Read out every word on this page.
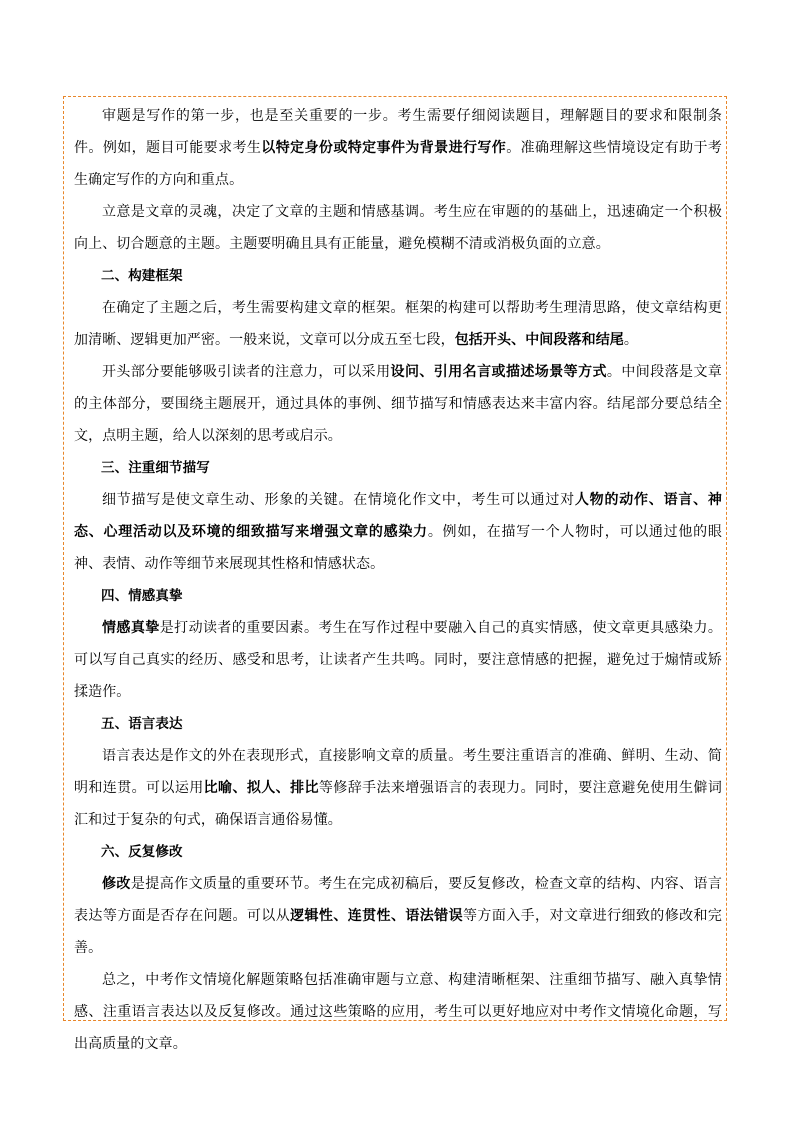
审题是写作的第一步，也是至关重要的一步。考生需要仔细阅读题目，理解题目的要求和限制条件。例如，题目可能要求考生以特定身份或特定事件为背景进行写作。准确理解这些情境设定有助于考生确定写作的方向和重点。

立意是文章的灵魂，决定了文章的主题和情感基调。考生应在审题的的基础上，迅速确定一个积极向上、切合题意的主题。主题要明确且具有正能量，避免模糊不清或消极负面的立意。

二、构建框架

在确定了主题之后，考生需要构建文章的框架。框架的构建可以帮助考生理清思路，使文章结构更加清晰、逻辑更加严密。一般来说，文章可以分成五至七段，包括开头、中间段落和结尾。

开头部分要能够吸引读者的注意力，可以采用设问、引用名言或描述场景等方式。中间段落是文章的主体部分，要围绕主题展开，通过具体的事例、细节描写和情感表达来丰富内容。结尾部分要总结全文，点明主题，给人以深刻的思考或启示。

三、注重细节描写

细节描写是使文章生动、形象的关键。在情境化作文中，考生可以通过对人物的动作、语言、神态、心理活动以及环境的细致描写来增强文章的感染力。例如，在描写一个人物时，可以通过他的眼神、表情、动作等细节来展现其性格和情感状态。

四、情感真挚

情感真挚是打动读者的重要因素。考生在写作过程中要融入自己的真实情感，使文章更具感染力。可以写自己真实的经历、感受和思考，让读者产生共鸣。同时，要注意情感的把握，避免过于煽情或矫揉造作。

五、语言表达

语言表达是作文的外在表现形式，直接影响文章的质量。考生要注重语言的准确、鲜明、生动、简明和连贯。可以运用比喻、拟人、排比等修辞手法来增强语言的表现力。同时，要注意避免使用生僻词汇和过于复杂的句式，确保语言通俗易懂。

六、反复修改

修改是提高作文质量的重要环节。考生在完成初稿后，要反复修改，检查文章的结构、内容、语言表达等方面是否存在问题。可以从逻辑性、连贯性、语法错误等方面入手，对文章进行细致的修改和完善。

总之，中考作文情境化解题策略包括准确审题与立意、构建清晰框架、注重细节描写、融入真挚情感、注重语言表达以及反复修改。通过这些策略的应用，考生可以更好地应对中考作文情境化命题，写出高质量的文章。
